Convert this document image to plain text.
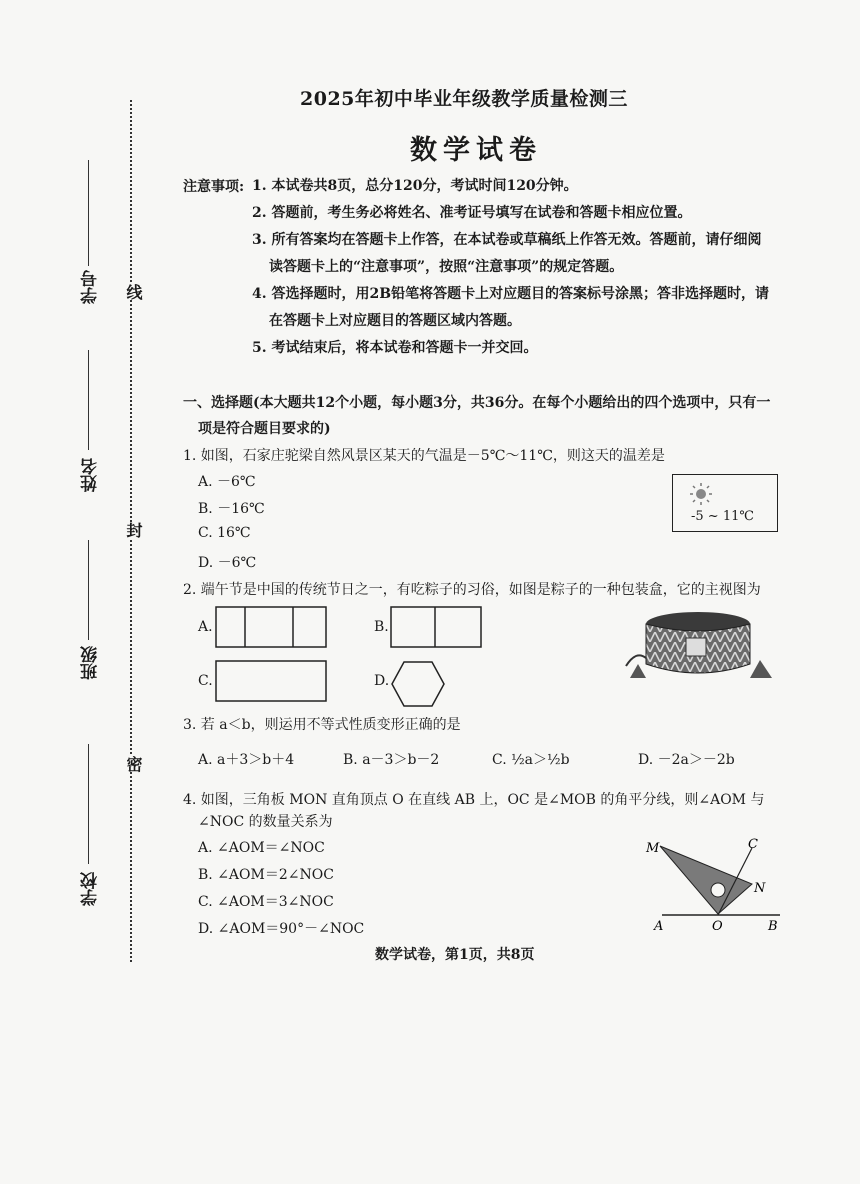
线
封
密
学号
姓名
班级
学校
2025年初中毕业年级教学质量检测三
数学试卷
注意事项: 1. 本试卷共8页，总分120分，考试时间120分钟。
2. 答题前，考生务必将姓名、准考证号填写在试卷和答题卡相应位置。
3. 所有答案均在答题卡上作答，在本试卷或草稿纸上作答无效。答题前，请仔细阅
读答题卡上的“注意事项”，按照“注意事项”的规定答题。
4. 答选择题时，用2B铅笔将答题卡上对应题目的答案标号涂黑；答非选择题时，请
在答题卡上对应题目的答题区域内答题。
5. 考试结束后，将本试卷和答题卡一并交回。
一、选择题(本大题共12个小题，每小题3分，共36分。在每个小题给出的四个选项中，只有一
项是符合题目要求的)
1. 如图，石家庄驼梁自然风景区某天的气温是－5℃～11℃，则这天的温差是
A. －6℃
B. －16℃
C. 16℃
D. －6℃
-5 ~ 11℃
2. 端午节是中国的传统节日之一，有吃粽子的习俗，如图是粽子的一种包装盒，它的主视图为
A.	B.
C.	D.
3. 若 a＜b，则运用不等式性质变形正确的是
A. a＋3＞b＋4	B. a－3＞b－2	C. ½a＞½b	D. －2a＞－2b
4. 如图，三角板 MON 直角顶点 O 在直线 AB 上，OC 是∠MOB 的角平分线，则∠AOM 与
∠NOC 的数量关系为
A. ∠AOM＝∠NOC
B. ∠AOM＝2∠NOC
C. ∠AOM＝3∠NOC
D. ∠AOM＝90°－∠NOC
M	C
N
A	O	B
数学试卷，第1页，共8页
